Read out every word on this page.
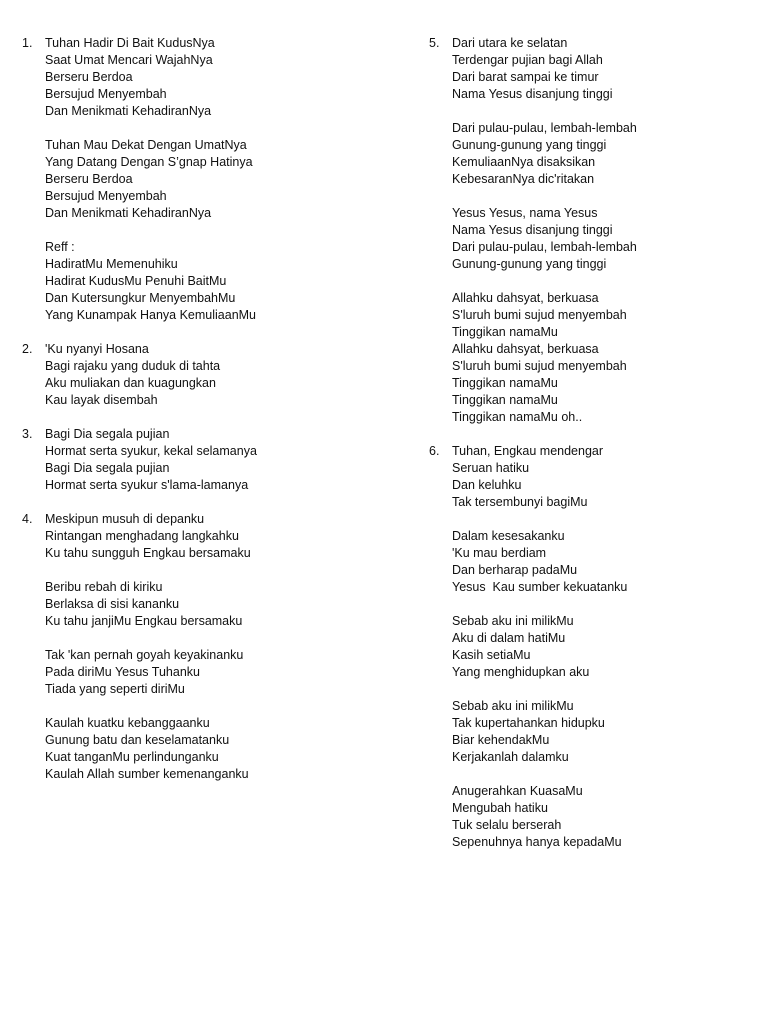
1.	Tuhan Hadir Di Bait KudusNya
Saat Umat Mencari WajahNya
Berseru Berdoa
Bersujud Menyembah
Dan Menikmati KehadiranNya
Tuhan Mau Dekat Dengan UmatNya
Yang Datang Dengan S’gnap Hatinya
Berseru Berdoa
Bersujud Menyembah
Dan Menikmati KehadiranNya
Reff :
HadiratMu Memenuhiku
Hadirat KudusMu Penuhi BaitMu
Dan Kutersungkur MenyembahMu
Yang Kunampak Hanya KemuliaanMu
2.	'Ku nyanyi Hosana
Bagi rajaku yang duduk di tahta
Aku muliakan dan kuagungkan
Kau layak disembah
3.	Bagi Dia segala pujian
Hormat serta syukur, kekal selamanya
Bagi Dia segala pujian
Hormat serta syukur s'lama-lamanya
4.	Meskipun musuh di depanku
Rintangan menghadang langkahku
Ku tahu sungguh Engkau bersamaku
Beribu rebah di kiriku
Berlaksa di sisi kananku
Ku tahu janjiMu Engkau bersamaku
Tak 'kan pernah goyah keyakinanku
Pada diriMu Yesus Tuhanku
Tiada yang seperti diriMu
Kaulah kuatku kebanggaanku
Gunung batu dan keselamatanku
Kuat tanganMu perlindunganku
Kaulah Allah sumber kemenanganku
5.	Dari utara ke selatan
Terdengar pujian bagi Allah
Dari barat sampai ke timur
Nama Yesus disanjung tinggi
Dari pulau-pulau, lembah-lembah
Gunung-gunung yang tinggi
KemuliaanNya disaksikan
KebesaranNya dic'ritakan
Yesus Yesus, nama Yesus
Nama Yesus disanjung tinggi
Dari pulau-pulau, lembah-lembah
Gunung-gunung yang tinggi
Allahku dahsyat, berkuasa
S'luruh bumi sujud menyembah
Tinggikan namaMu
Allahku dahsyat, berkuasa
S'luruh bumi sujud menyembah
Tinggikan namaMu
Tinggikan namaMu
Tinggikan namaMu oh..
6.	Tuhan, Engkau mendengar
Seruan hatiku
Dan keluhku
Tak tersembunyi bagiMu
Dalam kesesakanku
'Ku mau berdiam
Dan berharap padaMu
Yesus  Kau sumber kekuatanku
Sebab aku ini milikMu
Aku di dalam hatiMu
Kasih setiaMu
Yang menghidupkan aku
Sebab aku ini milikMu
Tak kupertahankan hidupku
Biar kehendakMu
Kerjakanlah dalamku
Anugerahkan KuasaMu
Mengubah hatiku
Tuk selalu berserah
Sepenuhnya hanya kepadaMu
